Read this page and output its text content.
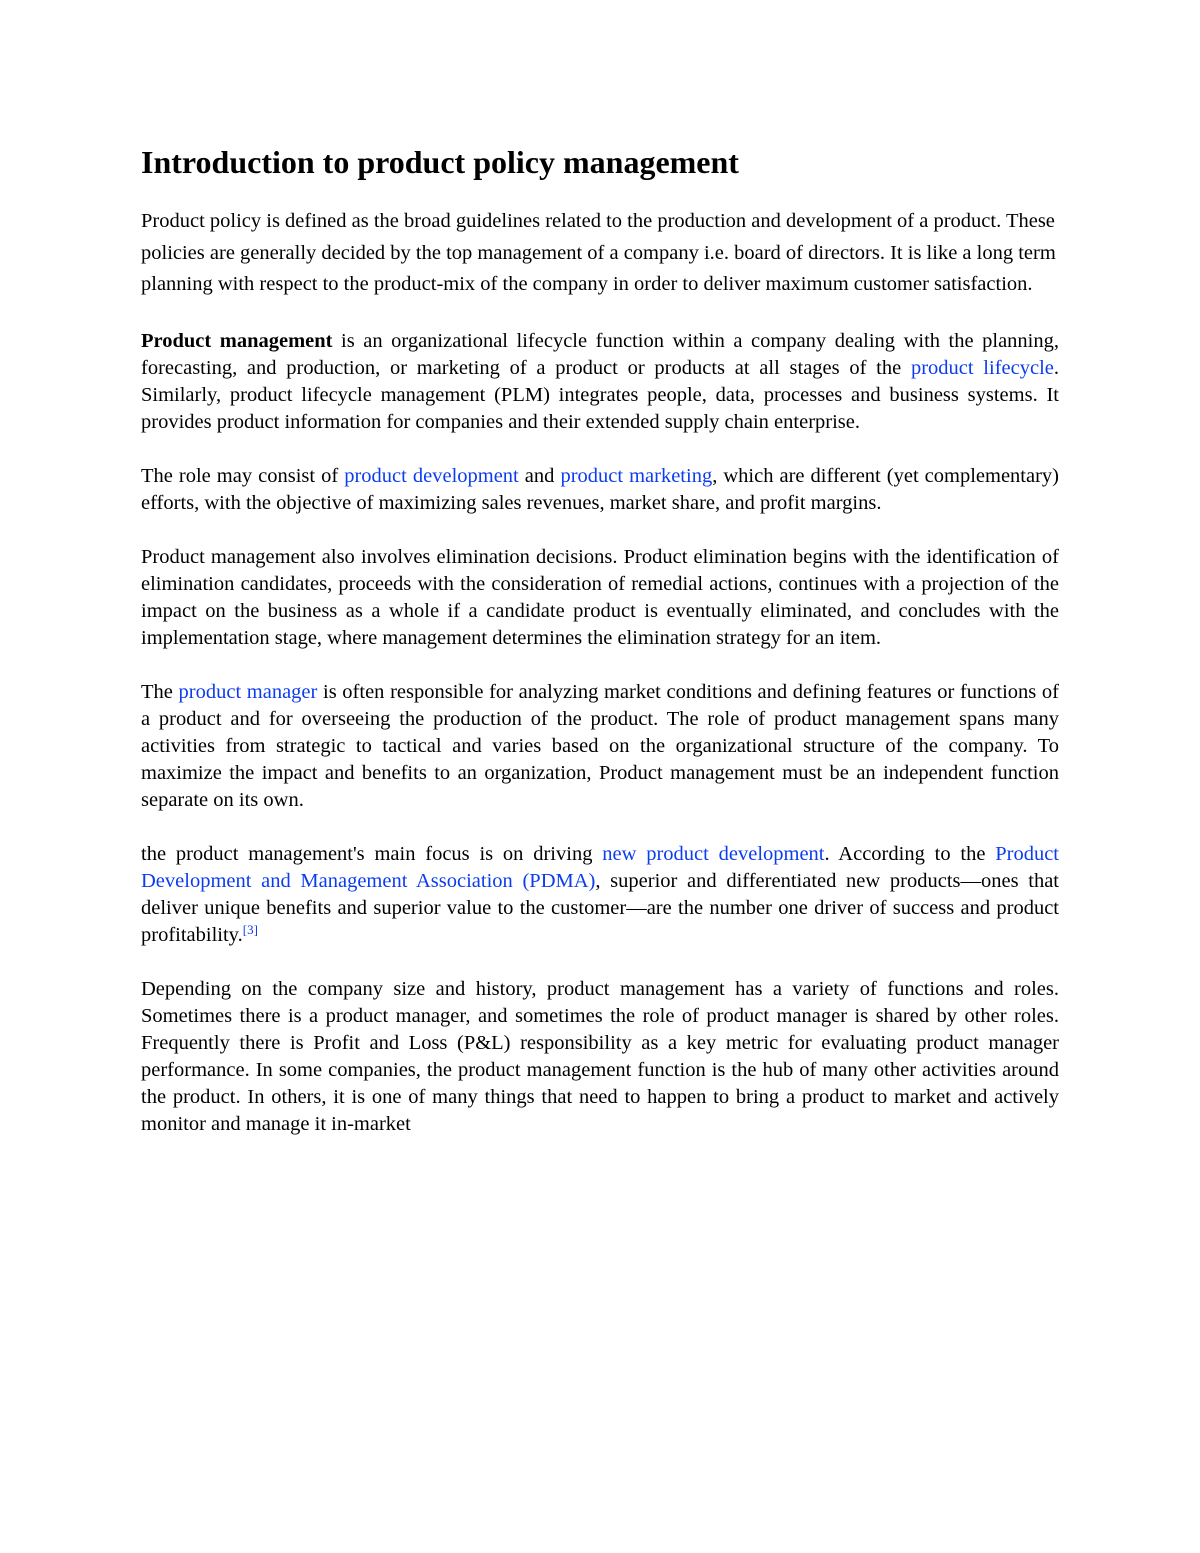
Introduction to product policy management

Product policy is defined as the broad guidelines related to the production and development of a product. These policies are generally decided by the top management of a company i.e. board of directors. It is like a long term planning with respect to the product-mix of the company in order to deliver maximum customer satisfaction.

Product management is an organizational lifecycle function within a company dealing with the planning, forecasting, and production, or marketing of a product or products at all stages of the product lifecycle. Similarly, product lifecycle management (PLM) integrates people, data, processes and business systems. It provides product information for companies and their extended supply chain enterprise.

The role may consist of product development and product marketing, which are different (yet complementary) efforts, with the objective of maximizing sales revenues, market share, and profit margins.

Product management also involves elimination decisions. Product elimination begins with the identification of elimination candidates, proceeds with the consideration of remedial actions, continues with a projection of the impact on the business as a whole if a candidate product is eventually eliminated, and concludes with the implementation stage, where management determines the elimination strategy for an item.

The product manager is often responsible for analyzing market conditions and defining features or functions of a product and for overseeing the production of the product. The role of product management spans many activities from strategic to tactical and varies based on the organizational structure of the company. To maximize the impact and benefits to an organization, Product management must be an independent function separate on its own.

the product management's main focus is on driving new product development. According to the Product Development and Management Association (PDMA), superior and differentiated new products—ones that deliver unique benefits and superior value to the customer—are the number one driver of success and product profitability.[3]

Depending on the company size and history, product management has a variety of functions and roles. Sometimes there is a product manager, and sometimes the role of product manager is shared by other roles. Frequently there is Profit and Loss (P&L) responsibility as a key metric for evaluating product manager performance. In some companies, the product management function is the hub of many other activities around the product. In others, it is one of many things that need to happen to bring a product to market and actively monitor and manage it in-market
